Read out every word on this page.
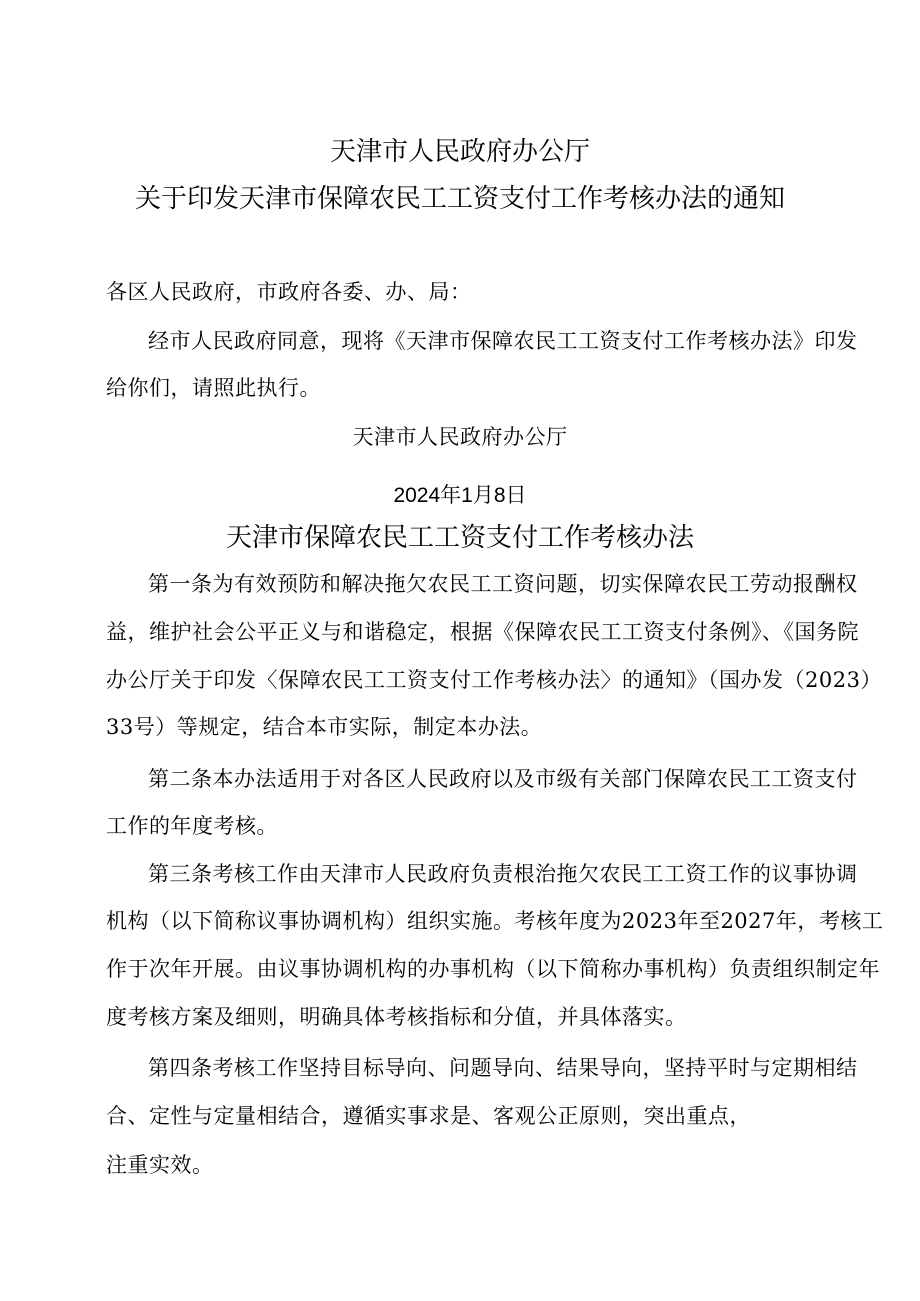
天津市人民政府办公厅
关于印发天津市保障农民工工资支付工作考核办法的通知
各区人民政府，市政府各委、办、局：
经市人民政府同意，现将《天津市保障农民工工资支付工作考核办法》印发
给你们，请照此执行。
天津市人民政府办公厅
2024年1月8日
天津市保障农民工工资支付工作考核办法
第一条为有效预防和解决拖欠农民工工资问题，切实保障农民工劳动报酬权
益，维护社会公平正义与和谐稳定，根据《保障农民工工资支付条例》、《国务院
办公厅关于印发〈保障农民工工资支付工作考核办法〉的通知》（国办发（2023）
33号）等规定，结合本市实际，制定本办法。
第二条本办法适用于对各区人民政府以及市级有关部门保障农民工工资支付
工作的年度考核。
第三条考核工作由天津市人民政府负责根治拖欠农民工工资工作的议事协调
机构（以下简称议事协调机构）组织实施。考核年度为2023年至2027年，考核工
作于次年开展。由议事协调机构的办事机构（以下简称办事机构）负责组织制定年
度考核方案及细则，明确具体考核指标和分值，并具体落实。
第四条考核工作坚持目标导向、问题导向、结果导向，坚持平时与定期相结
合、定性与定量相结合，遵循实事求是、客观公正原则，突出重点，
注重实效。
